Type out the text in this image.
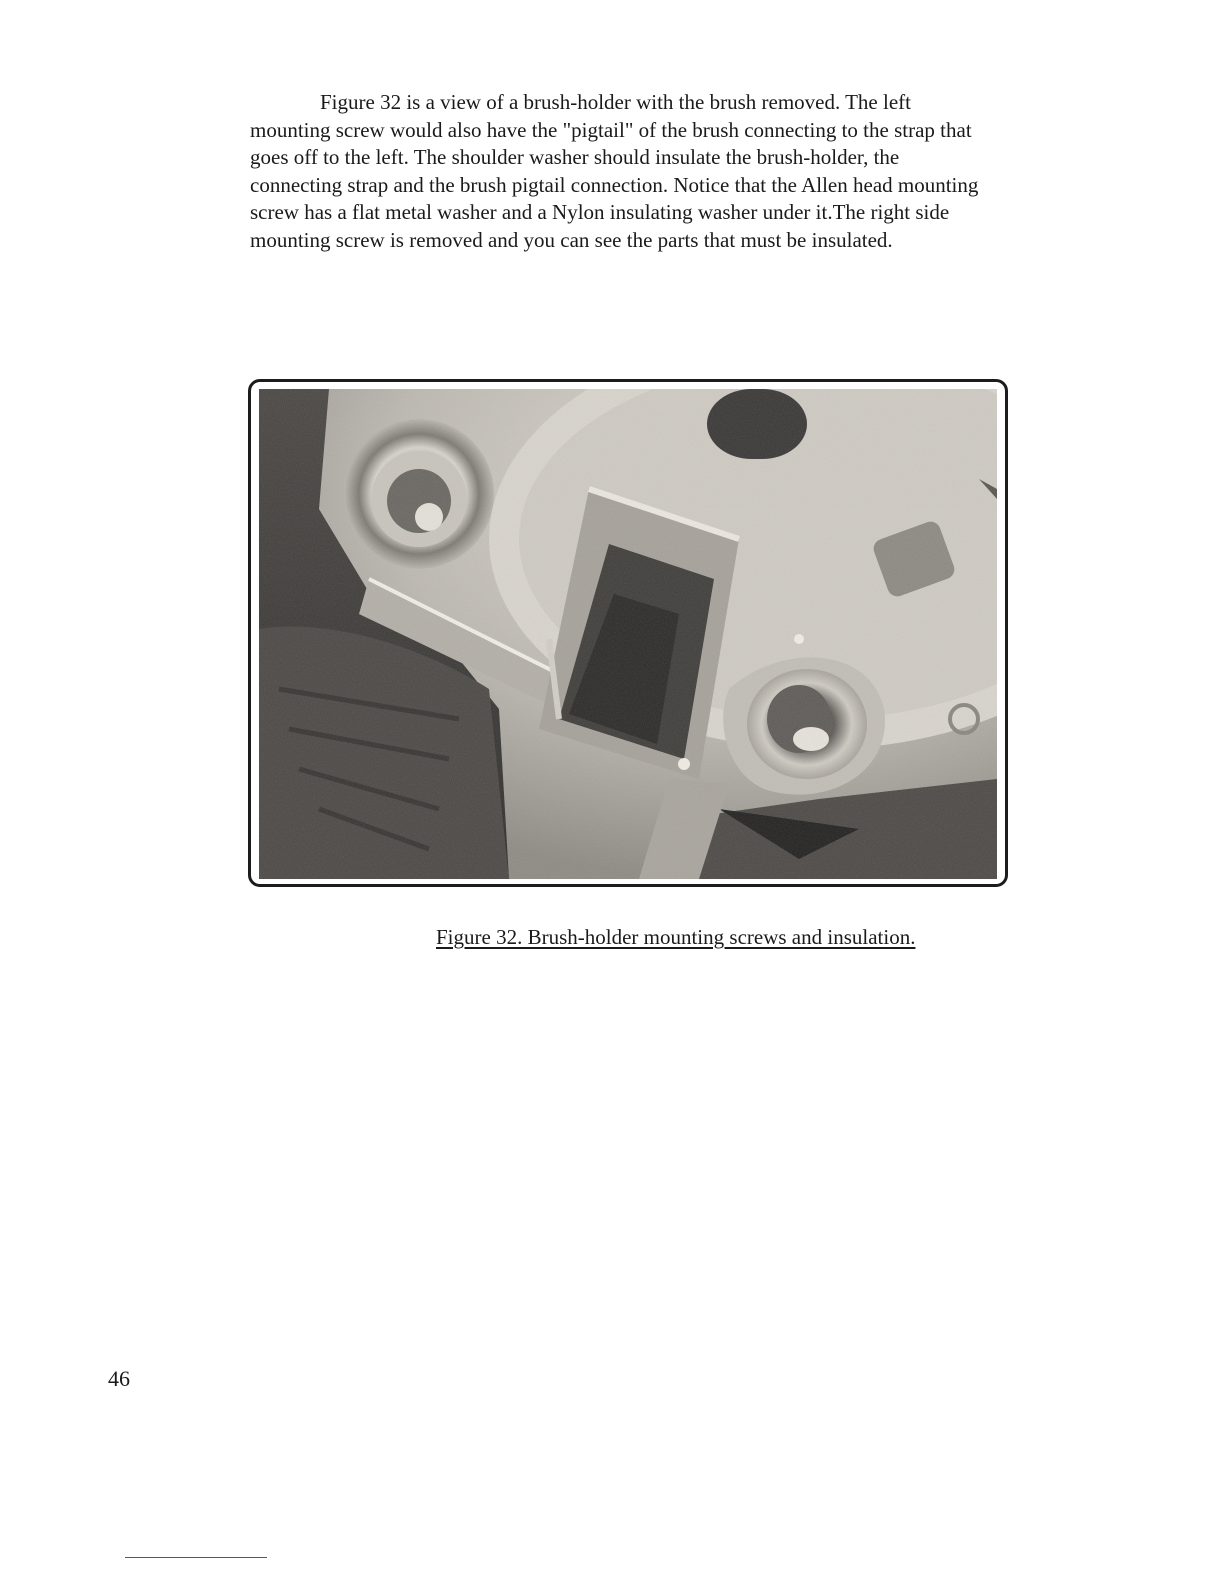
Figure 32 is a view of a brush-holder with the brush removed. The left mounting screw would also have the "pigtail" of the brush connecting to the strap that goes off to the left. The shoulder washer should insulate the brush-holder, the connecting strap and the brush pigtail connection. Notice that the Allen head mounting screw has a flat metal washer and a Nylon insulating washer under it.The right side mounting screw is removed and you can see the parts that must be insulated.

Figure 32. Brush-holder mounting screws and insulation.

46
